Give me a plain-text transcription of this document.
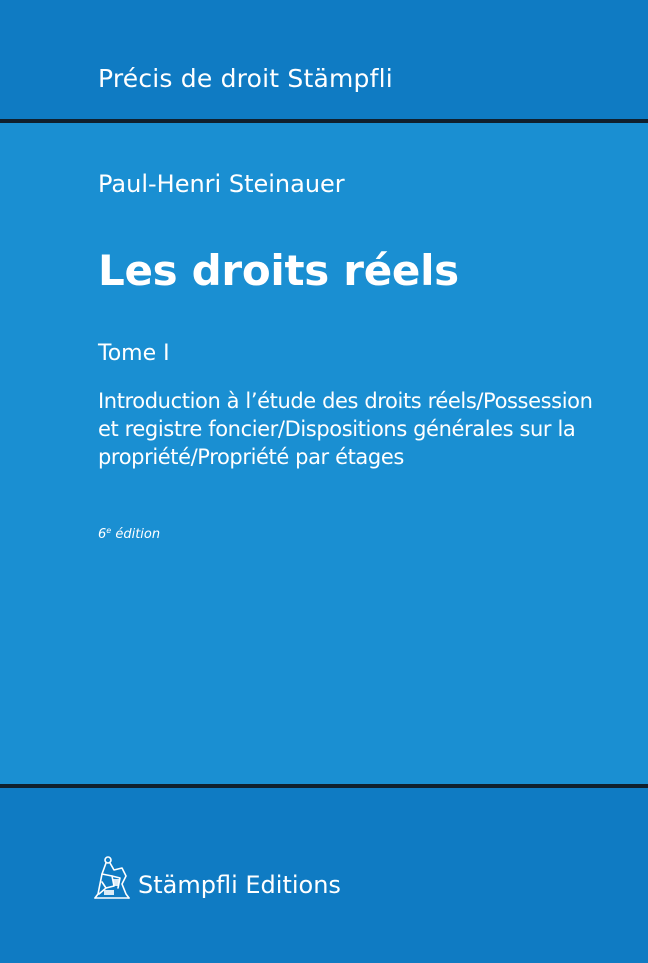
Précis de droit Stämpfli
Paul-Henri Steinauer
Les droits réels
Tome I
Introduction à l’étude des droits réels/Possession
et registre foncier/Dispositions générales sur la
propriété/Propriété par étages
6e édition
Stämpfli Editions
